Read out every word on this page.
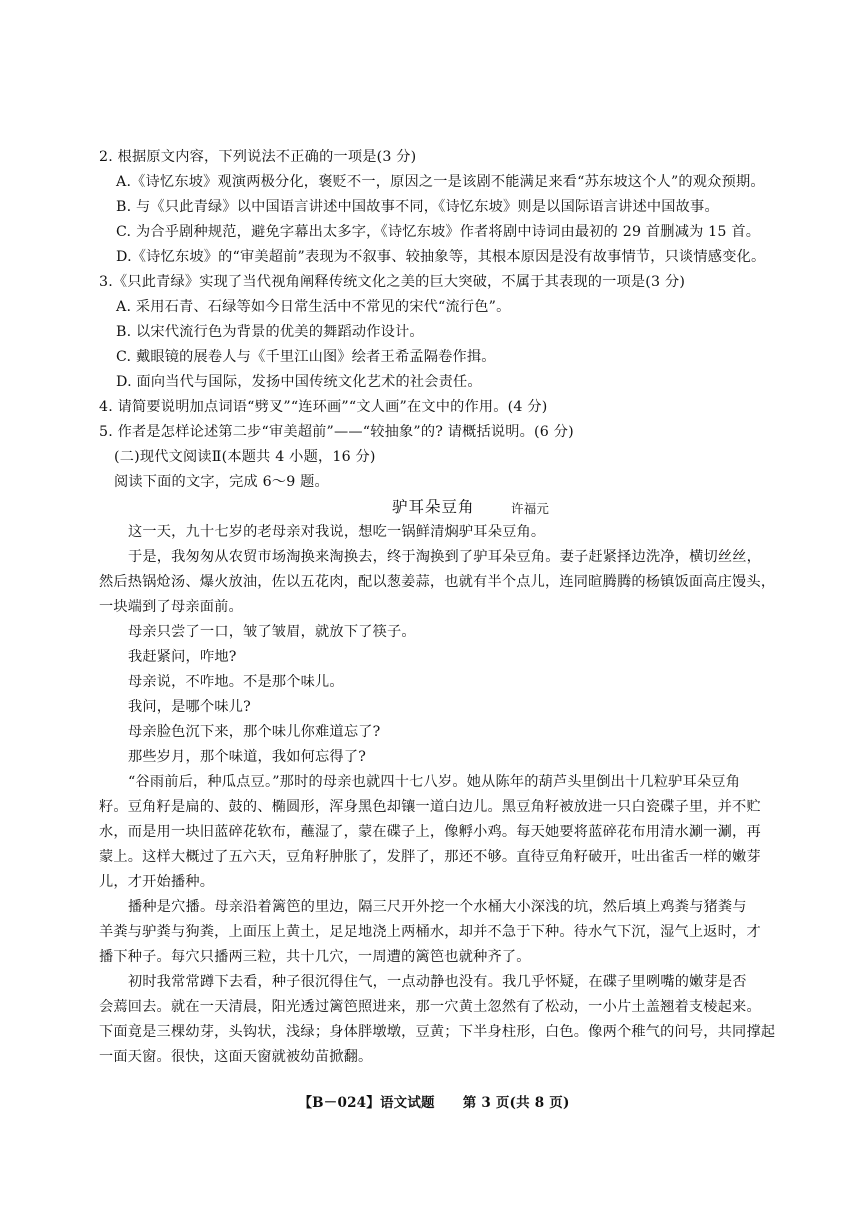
2. 根据原文内容，下列说法不正确的一项是(3 分)
A.《诗忆东坡》观演两极分化，褒贬不一，原因之一是该剧不能满足来看“苏东坡这个人”的观众预期。
B. 与《只此青绿》以中国语言讲述中国故事不同，《诗忆东坡》则是以国际语言讲述中国故事。
C. 为合乎剧种规范，避免字幕出太多字，《诗忆东坡》作者将剧中诗词由最初的 29 首删减为 15 首。
D.《诗忆东坡》的“审美超前”表现为不叙事、较抽象等，其根本原因是没有故事情节，只谈情感变化。
3.《只此青绿》实现了当代视角阐释传统文化之美的巨大突破，不属于其表现的一项是(3 分)
A. 采用石青、石绿等如今日常生活中不常见的宋代“流行色”。
B. 以宋代流行色为背景的优美的舞蹈动作设计。
C. 戴眼镜的展卷人与《千里江山图》绘者王希孟隔卷作揖。
D. 面向当代与国际，发扬中国传统文化艺术的社会责任。
4. 请简要说明加点词语“劈叉”“连环画”“文人画”在文中的作用。(4 分)
5. 作者是怎样论述第二步“审美超前”——“较抽象”的? 请概括说明。(6 分)
(二)现代文阅读Ⅱ(本题共 4 小题，16 分)
阅读下面的文字，完成 6～9 题。
驴耳朵豆角	许福元
这一天，九十七岁的老母亲对我说，想吃一锅鲜清焖驴耳朵豆角。
于是，我匆匆从农贸市场淘换来淘换去，终于淘换到了驴耳朵豆角。妻子赶紧择边洗净，横切丝丝，
然后热锅炝汤、爆火放油，佐以五花肉，配以葱姜蒜，也就有半个点儿，连同暄腾腾的杨镇饭面高庄馒头，
一块端到了母亲面前。
母亲只尝了一口，皱了皱眉，就放下了筷子。
我赶紧问，咋地?
母亲说，不咋地。不是那个味儿。
我问，是哪个味儿?
母亲脸色沉下来，那个味儿你难道忘了?
那些岁月，那个味道，我如何忘得了?
“谷雨前后，种瓜点豆。”那时的母亲也就四十七八岁。她从陈年的葫芦头里倒出十几粒驴耳朵豆角
籽。豆角籽是扁的、鼓的、椭圆形，浑身黑色却镶一道白边儿。黑豆角籽被放进一只白瓷碟子里，并不贮
水，而是用一块旧蓝碎花软布，蘸湿了，蒙在碟子上，像孵小鸡。每天她要将蓝碎花布用清水涮一涮，再
蒙上。这样大概过了五六天，豆角籽肿胀了，发胖了，那还不够。直待豆角籽破开，吐出雀舌一样的嫩芽
儿，才开始播种。
播种是穴播。母亲沿着篱笆的里边，隔三尺开外挖一个水桶大小深浅的坑，然后填上鸡粪与猪粪与
羊粪与驴粪与狗粪，上面压上黄土，足足地浇上两桶水，却并不急于下种。待水气下沉，湿气上返时，才
播下种子。每穴只播两三粒，共十几穴，一周遭的篱笆也就种齐了。
初时我常常蹲下去看，种子很沉得住气，一点动静也没有。我几乎怀疑，在碟子里咧嘴的嫩芽是否
会蔫回去。就在一天清晨，阳光透过篱笆照进来，那一穴黄土忽然有了松动，一小片土盖翘着支棱起来。
下面竟是三棵幼芽，头钩状，浅绿；身体胖墩墩，豆黄；下半身柱形，白色。像两个稚气的问号，共同撑起
一面天窗。很快，这面天窗就被幼苗掀翻。
【B－024】语文试题 第 3 页(共 8 页)
